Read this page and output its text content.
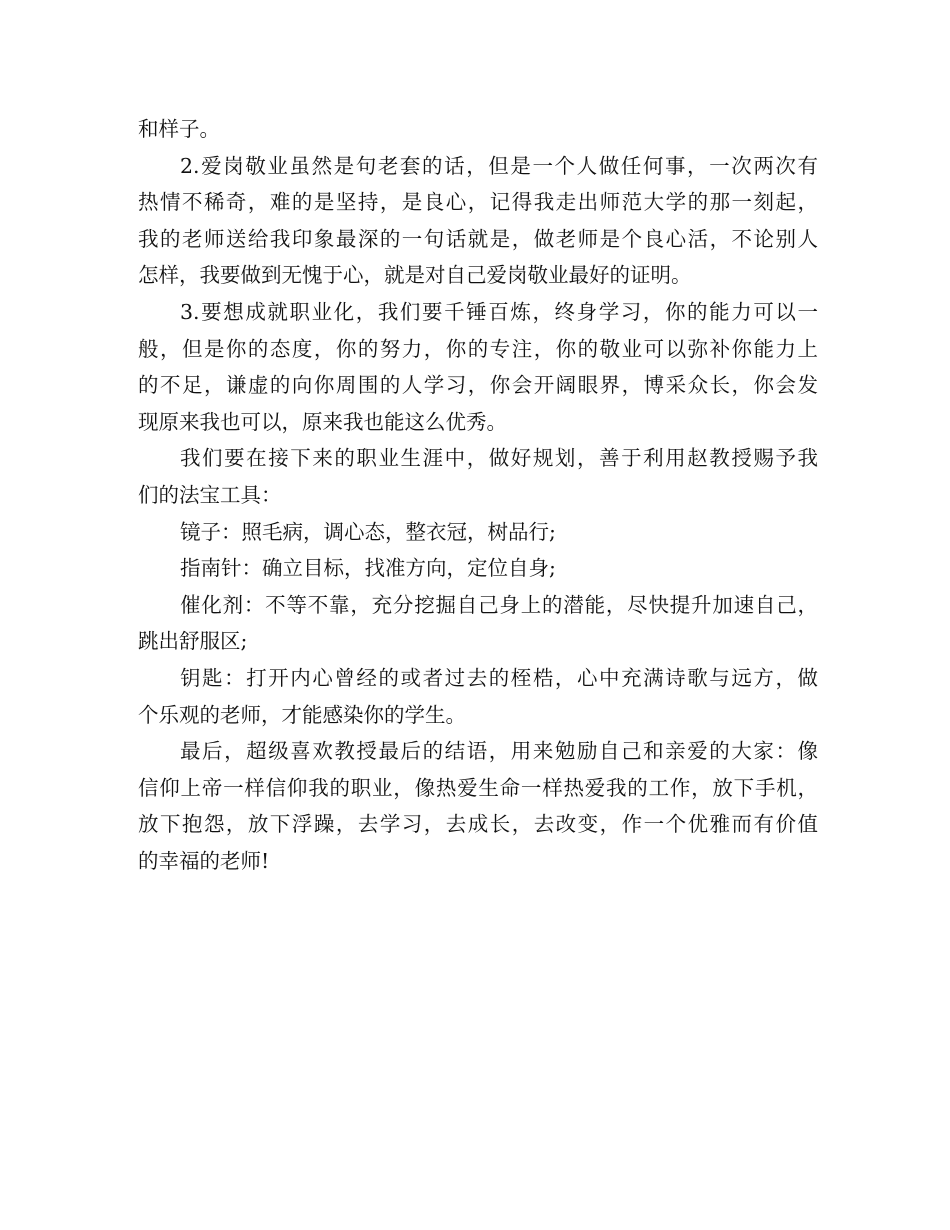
和样子。
2.爱岗敬业虽然是句老套的话，但是一个人做任何事，一次两次有
热情不稀奇，难的是坚持，是良心，记得我走出师范大学的那一刻起，
我的老师送给我印象最深的一句话就是，做老师是个良心活，不论别人
怎样，我要做到无愧于心，就是对自己爱岗敬业最好的证明。
3.要想成就职业化，我们要千锤百炼，终身学习，你的能力可以一
般，但是你的态度，你的努力，你的专注，你的敬业可以弥补你能力上
的不足，谦虚的向你周围的人学习，你会开阔眼界，博采众长，你会发
现原来我也可以，原来我也能这么优秀。
我们要在接下来的职业生涯中，做好规划，善于利用赵教授赐予我
们的法宝工具：
镜子：照毛病，调心态，整衣冠，树品行;
指南针：确立目标，找准方向，定位自身;
催化剂：不等不靠，充分挖掘自己身上的潜能，尽快提升加速自己，
跳出舒服区;
钥匙：打开内心曾经的或者过去的桎梏，心中充满诗歌与远方，做
个乐观的老师，才能感染你的学生。
最后，超级喜欢教授最后的结语，用来勉励自己和亲爱的大家：像
信仰上帝一样信仰我的职业，像热爱生命一样热爱我的工作，放下手机，
放下抱怨，放下浮躁，去学习，去成长，去改变，作一个优雅而有价值
的幸福的老师!
